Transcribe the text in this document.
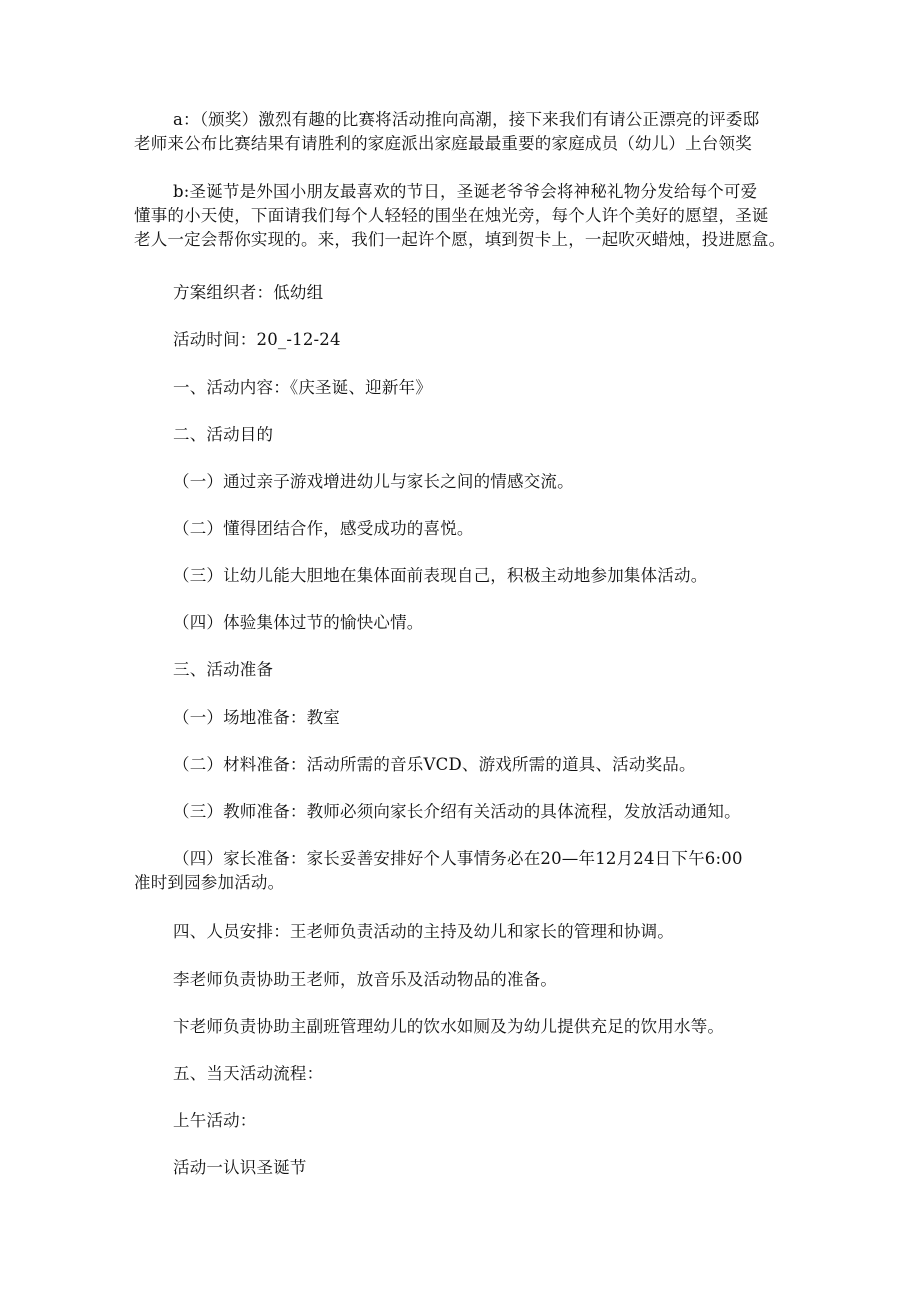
a：（颁奖）激烈有趣的比赛将活动推向高潮，接下来我们有请公正漂亮的评委邸
老师来公布比赛结果有请胜利的家庭派出家庭最最重要的家庭成员（幼儿）上台领奖
b:圣诞节是外国小朋友最喜欢的节日，圣诞老爷爷会将神秘礼物分发给每个可爱
懂事的小天使，下面请我们每个人轻轻的围坐在烛光旁，每个人许个美好的愿望，圣诞
老人一定会帮你实现的。来，我们一起许个愿，填到贺卡上，一起吹灭蜡烛，投进愿盒。
方案组织者：低幼组
活动时间：20_-12-24
一、活动内容：《庆圣诞、迎新年》
二、活动目的
（一）通过亲子游戏增进幼儿与家长之间的情感交流。
（二）懂得团结合作，感受成功的喜悦。
（三）让幼儿能大胆地在集体面前表现自己，积极主动地参加集体活动。
（四）体验集体过节的愉快心情。
三、活动准备
（一）场地准备：教室
（二）材料准备：活动所需的音乐VCD、游戏所需的道具、活动奖品。
（三）教师准备：教师必须向家长介绍有关活动的具体流程，发放活动通知。
（四）家长准备：家长妥善安排好个人事情务必在20—年12月24日下午6:00
准时到园参加活动。
四、人员安排：王老师负责活动的主持及幼儿和家长的管理和协调。
李老师负责协助王老师，放音乐及活动物品的准备。
卞老师负责协助主副班管理幼儿的饮水如厕及为幼儿提供充足的饮用水等。
五、当天活动流程：
上午活动：
活动一认识圣诞节
